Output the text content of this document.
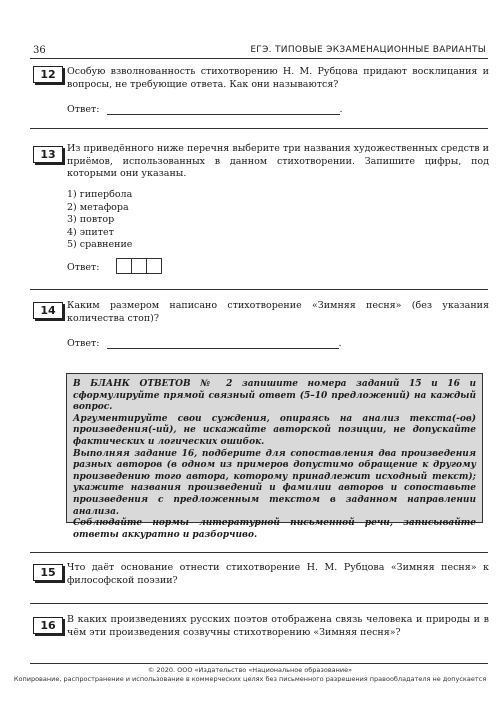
36	ЕГЭ. ТИПОВЫЕ ЭКЗАМЕНАЦИОННЫЕ ВАРИАНТЫ
12	Особую взволнованность стихотворению Н. М. Рубцова придают восклицания и вопросы, не требующие ответа. Как они называются?
Ответ:	.
13	Из приведённого ниже перечня выберите три названия художественных средств и приёмов, использованных в данном стихотворении. Запишите цифры, под которыми они указаны.
1) гипербола
2) метафора
3) повтор
4) эпитет
5) сравнение
Ответ:
14	Каким размером написано стихотворение «Зимняя песня» (без указания количества стоп)?
Ответ:	.

В БЛАНК ОТВЕТОВ № 2 запишите номера заданий 15 и 16 и сформулируйте прямой связный ответ (5–10 предложений) на каждый вопрос.

Аргументируйте свои суждения, опираясь на анализ текста(-ов) произведения(-ий), не искажайте авторской позиции, не допускайте фактических и логических ошибок.

Выполняя задание 16, подберите для сопоставления два произведения разных авторов (в одном из примеров допустимо обращение к другому произведению того автора, которому принадлежит исходный текст); укажите названия произведений и фамилии авторов и сопоставьте произведения с предложенным текстом в заданном направлении анализа.

Соблюдайте нормы литературной письменной речи, записывайте ответы аккуратно и разборчиво.

15	Что даёт основание отнести стихотворение Н. М. Рубцова «Зимняя песня» к философской поэзии?
16	В каких произведениях русских поэтов отображена связь человека и природы и в чём эти произведения созвучны стихотворению «Зимняя песня»?
© 2020. ООО «Издательство «Национальное образование»
Копирование, распространение и использование в коммерческих целях без письменного разрешения правообладателя не допускается
